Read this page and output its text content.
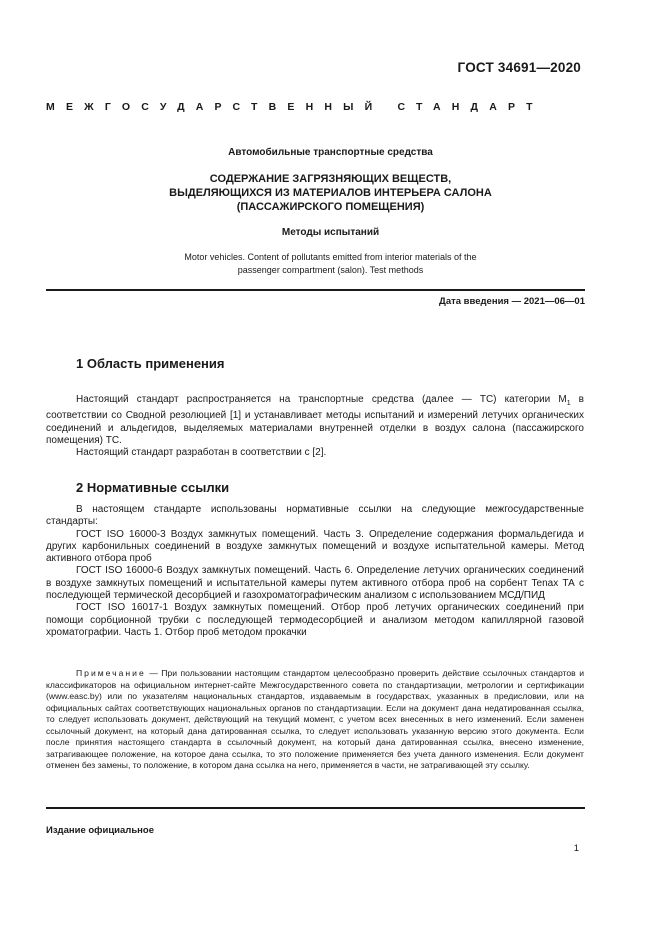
ГОСТ 34691—2020
МЕЖГОСУДАРСТВЕННЫЙ СТАНДАРТ
Автомобильные транспортные средства
СОДЕРЖАНИЕ ЗАГРЯЗНЯЮЩИХ ВЕЩЕСТВ,
ВЫДЕЛЯЮЩИХСЯ ИЗ МАТЕРИАЛОВ ИНТЕРЬЕРА САЛОНА
(ПАССАЖИРСКОГО ПОМЕЩЕНИЯ)
Методы испытаний
Motor vehicles. Content of pollutants emitted from interior materials of the
passenger compartment (salon). Test methods
Дата введения — 2021—06—01
1 Область применения

Настоящий стандарт распространяется на транспортные средства (далее — ТС) категории $M_1$ в соответствии со Сводной резолюцией [1] и устанавливает методы испытаний и измерений летучих органических соединений и альдегидов, выделяемых материалами внутренней отделки в воздух салона (пассажирского помещения) ТС.

Настоящий стандарт разработан в соответствии с [2].

2 Нормативные ссылки

В настоящем стандарте использованы нормативные ссылки на следующие межгосударственные стандарты:

ГОСТ ISO 16000-3 Воздух замкнутых помещений. Часть 3. Определение содержания формальдегида и других карбонильных соединений в воздухе замкнутых помещений и воздухе испытательной камеры. Метод активного отбора проб

ГОСТ ISO 16000-6 Воздух замкнутых помещений. Часть 6. Определение летучих органических соединений в воздухе замкнутых помещений и испытательной камеры путем активного отбора проб на сорбент Tenax ТА с последующей термической десорбцией и газохроматографическим анализом с использованием МСД/ПИД

ГОСТ ISO 16017-1 Воздух замкнутых помещений. Отбор проб летучих органических соединений при помощи сорбционной трубки с последующей термодесорбцией и анализом методом капиллярной газовой хроматографии. Часть 1. Отбор проб методом прокачки

Примечание — При пользовании настоящим стандартом целесообразно проверить действие ссылочных стандартов и классификаторов на официальном интернет-сайте Межгосударственного совета по стандартизации, метрологии и сертификации (www.easc.by) или по указателям национальных стандартов, издаваемым в государствах, указанных в предисловии, или на официальных сайтах соответствующих национальных органов по стандартизации. Если на документ дана недатированная ссылка, то следует использовать документ, действующий на текущий момент, с учетом всех внесенных в него изменений. Если заменен ссылочный документ, на который дана датированная ссылка, то следует использовать указанную версию этого документа. Если после принятия настоящего стандарта в ссылочный документ, на который дана датированная ссылка, внесено изменение, затрагивающее положение, на которое дана ссылка, то это положение применяется без учета данного изменения. Если документ отменен без замены, то положение, в котором дана ссылка на него, применяется в части, не затрагивающей эту ссылку.

Издание официальное
1
